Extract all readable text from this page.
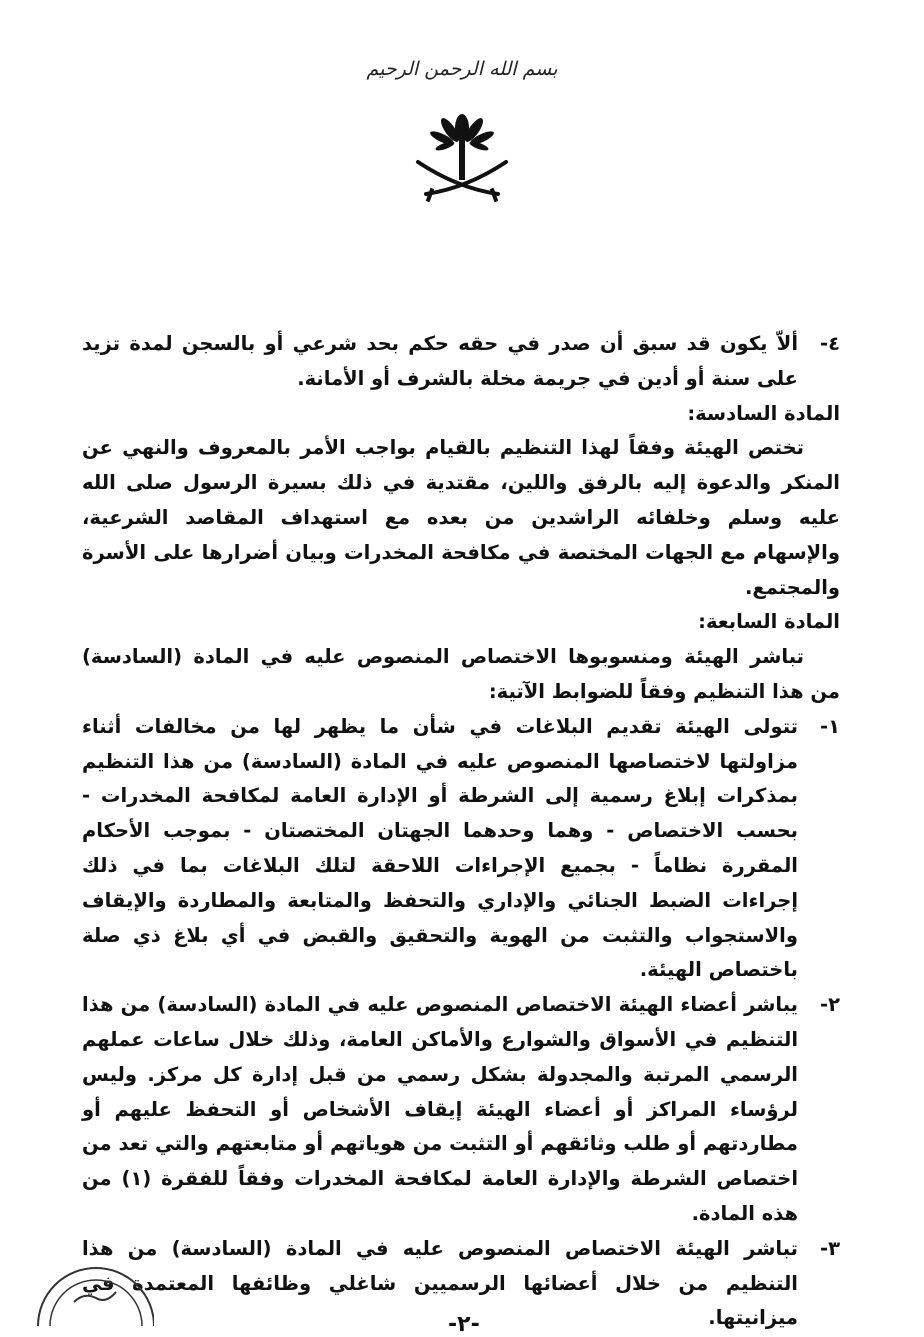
بسم الله الرحمن الرحيم

٤-
ألاّ يكون قد سبق أن صدر في حقه حكم بحد شرعي أو بالسجن لمدة تزيد على سنة أو أدين في جريمة مخلة بالشرف أو الأمانة.

المادة السادسة:

تختص الهيئة وفقاً لهذا التنظيم بالقيام بواجب الأمر بالمعروف والنهي عن المنكر والدعوة إليه بالرفق واللين، مقتدية في ذلك بسيرة الرسول صلى الله عليه وسلم وخلفائه الراشدين من بعده مع استهداف المقاصد الشرعية، والإسهام مع الجهات المختصة في مكافحة المخدرات وبيان أضرارها على الأسرة والمجتمع.

المادة السابعة:

تباشر الهيئة ومنسوبوها الاختصاص المنصوص عليه في المادة (السادسة) من هذا التنظيم وفقاً للضوابط الآتية:

١-
تتولى الهيئة تقديم البلاغات في شأن ما يظهر لها من مخالفات أثناء مزاولتها لاختصاصها المنصوص عليه في المادة (السادسة) من هذا التنظيم بمذكرات إبلاغ رسمية إلى الشرطة أو الإدارة العامة لمكافحة المخدرات - بحسب الاختصاص - وهما وحدهما الجهتان المختصتان - بموجب الأحكام المقررة نظاماً - بجميع الإجراءات اللاحقة لتلك البلاغات بما في ذلك إجراءات الضبط الجنائي والإداري والتحفظ والمتابعة والمطاردة والإيقاف والاستجواب والتثبت من الهوية والتحقيق والقبض في أي بلاغ ذي صلة باختصاص الهيئة.

٢-
يباشر أعضاء الهيئة الاختصاص المنصوص عليه في المادة (السادسة) من هذا التنظيم في الأسواق والشوارع والأماكن العامة، وذلك خلال ساعات عملهم الرسمي المرتبة والمجدولة بشكل رسمي من قبل إدارة كل مركز. وليس لرؤساء المراكز أو أعضاء الهيئة إيقاف الأشخاص أو التحفظ عليهم أو مطاردتهم أو طلب وثائقهم أو التثبت من هوياتهم أو متابعتهم والتي تعد من اختصاص الشرطة والإدارة العامة لمكافحة المخدرات وفقاً للفقرة (١) من هذه المادة.

٣-
تباشر الهيئة الاختصاص المنصوص عليه في المادة (السادسة) من هذا التنظيم من خلال أعضائها الرسميين شاغلي وظائفها المعتمدة في ميزانيتها.

-٢-
